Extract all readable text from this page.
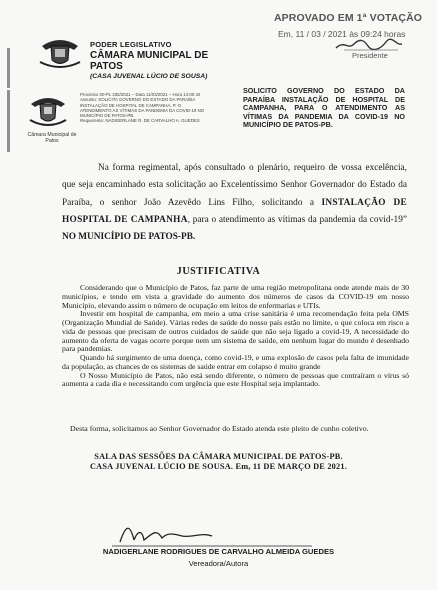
PODER LEGISLATIVO
CÂMARA MUNICIPAL DE PATOS
(CASA JUVENAL LÚCIO DE SOUSA)
APROVADO EM 1ª VOTAÇÃO
Em, 11 / 03 / 2021 às 09:24 horas
Presidente
Câmara Municipal de Patos
Processo 00-PL 335/2021 – Data 11/03/2021 – Hora 14:00:42
Assunto: SOLICITA GOVERNO DO ESTADO DA PARAÍBA INSTALAÇÃO DE HOSPITAL DE CAMPANHA, P. O ATENDIMENTO AS VÍTIMAS DA PANDEMIA DA COVID-19 NO MUNICÍPIO DE PATOS-PB.
Requerente: NADIGERLANE R. DE CARVALHO A. GUEDES
SOLICITO GOVERNO DO ESTADO DA PARAÍBA INSTALAÇÃO DE HOSPITAL DE CAMPANHA, PARA O ATENDIMENTO AS VÍTIMAS DA PANDEMIA DA COVID-19 NO MUNICÍPIO DE PATOS-PB.
Na forma regimental, após consultado o plenário, requeiro de vossa excelência, que seja encaminhado esta solicitação ao Excelentíssimo Senhor Governador do Estado da Paraíba, o senhor João Azevêdo Lins Filho, solicitando a INSTALAÇÃO DE HOSPITAL DE CAMPANHA, para o atendimento as vítimas da pandemia da covid-19” NO MUNICÍPIO DE PATOS-PB.
JUSTIFICATIVA

Considerando que o Município de Patos, faz parte de uma região metropolitana onde atende mais de 30 municípios, e tendo em vista a gravidade do aumento dos números de casos da COVID-19 em nosso Município, elevando assim o número de ocupação em leitos de enfermarias e UTIs.

Investir em hospital de campanha, em meio a uma crise sanitária é uma recomendação feita pela OMS (Organização Mundial de Saúde). Várias redes de saúde do nosso país estão no limite, o que coloca em risco a vida de pessoas que precisam de outros cuidados de saúde que não seja ligado a covid-19, A necessidade do aumento da oferta de vagas ocorre porque nem um sistema de saúde, em nenhum lugar do mundo é desenhado para pandemias.

Quando há surgimento de uma doença, como covid-19, e uma explosão de casos pela falta de imunidade da população, as chances de os sistemas de saúde entrar em colapso é muito grande

O Nosso Município de Patos, não está sendo diferente, o número de pessoas que contraíram o vírus só aumenta a cada dia e necessitando com urgência que este Hospital seja implantado.

Desta forma, solicitamos ao Senhor Governador do Estado atenda este pleito de cunho coletivo.
SALA DAS SESSÕES DA CÂMARA MUNICIPAL DE PATOS-PB.
CASA JUVENAL LÚCIO DE SOUSA. Em, 11 DE MARÇO DE 2021.
NADIGERLANE RODRIGUES DE CARVALHO ALMEIDA GUEDES
Vereadora/Autora
